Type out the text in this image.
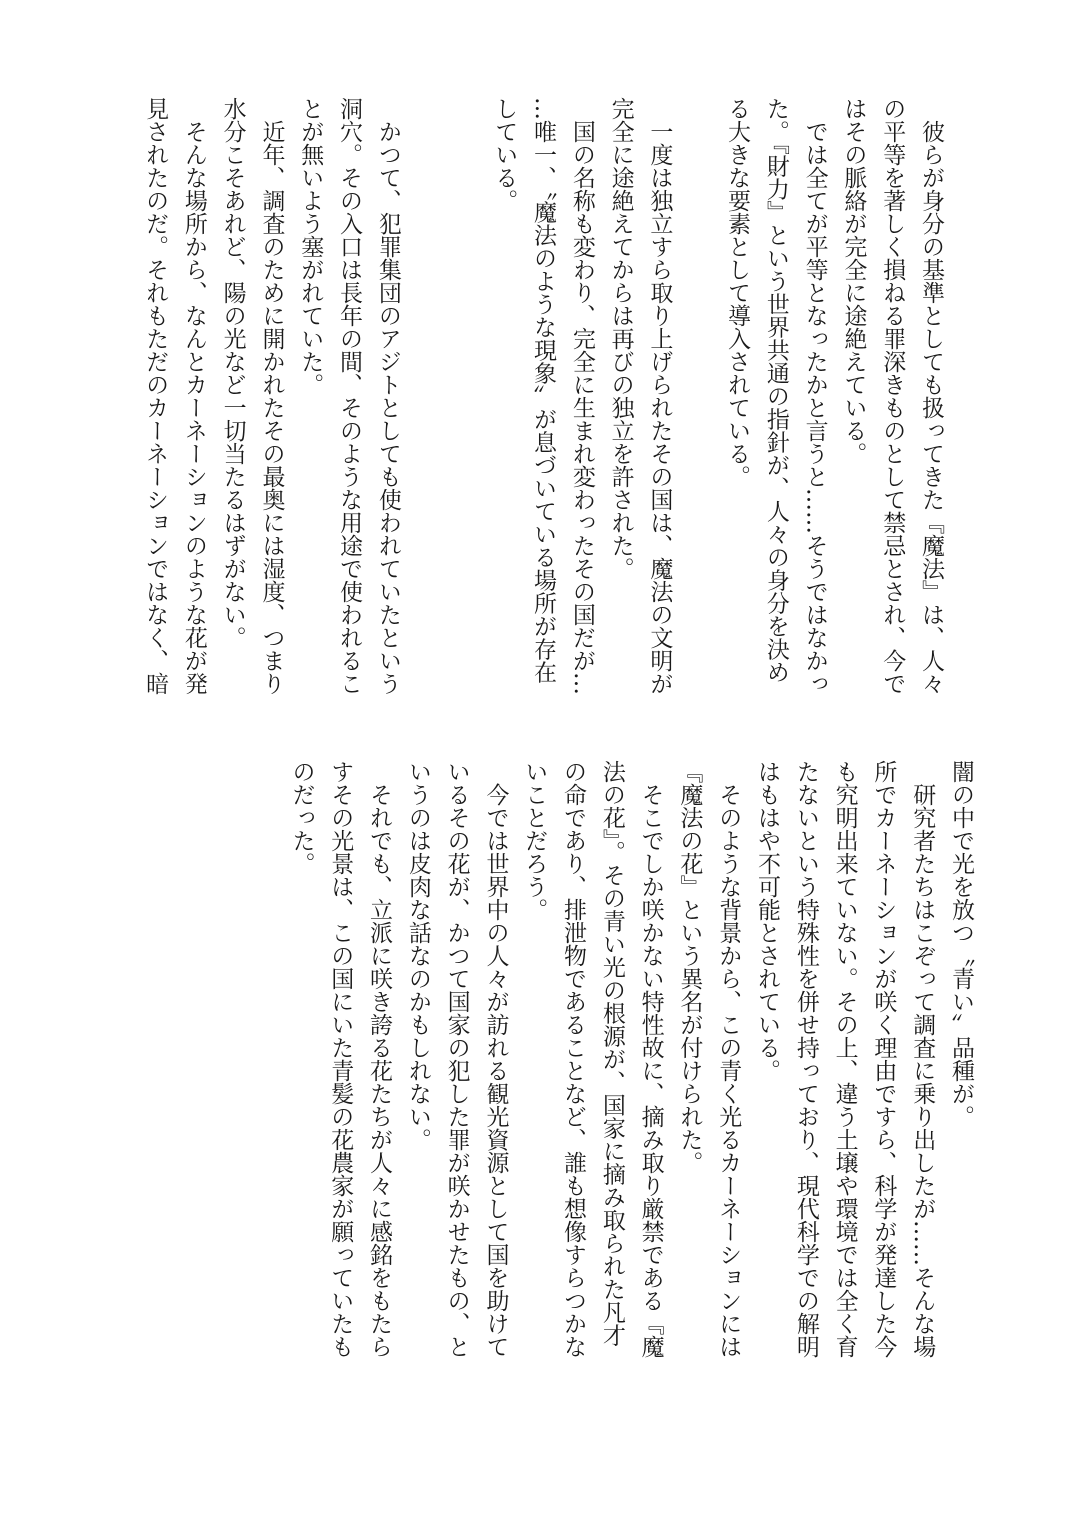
　彼らが身分の基準としても扱ってきた『魔法』は、人々
の平等を著しく損ねる罪深きものとして禁忌とされ、今で
はその脈絡が完全に途絶えている。
　では全てが平等となったかと言うと……そうではなかっ
た。『財力』という世界共通の指針が、人々の身分を決め
る大きな要素として導入されている。
　一度は独立すら取り上げられたその国は、魔法の文明が
完全に途絶えてからは再びの独立を許された。
　国の名称も変わり、完全に生まれ変わったその国だが…
…唯一、〝魔法のような現象〟が息づいている場所が存在
している。
　かつて、犯罪集団のアジトとしても使われていたという
洞穴。その入口は長年の間、そのような用途で使われるこ
とが無いよう塞がれていた。
　近年、調査のために開かれたその最奥には湿度、つまり
水分こそあれど、陽の光など一切当たるはずがない。
　そんな場所から、なんとカーネーションのような花が発
見されたのだ。それもただのカーネーションではなく、暗
闇の中で光を放つ〝青い〟品種が。
　研究者たちはこぞって調査に乗り出したが……そんな場
所でカーネーションが咲く理由ですら、科学が発達した今
も究明出来ていない。その上、違う土壌や環境では全く育
たないという特殊性を併せ持っており、現代科学での解明
はもはや不可能とされている。
　そのような背景から、この青く光るカーネーションには
『魔法の花』という異名が付けられた。
　そこでしか咲かない特性故に、摘み取り厳禁である『魔
法の花』。その青い光の根源が、国家に摘み取られた凡才
の命であり、排泄物であることなど、誰も想像すらつかな
いことだろう。
　今では世界中の人々が訪れる観光資源として国を助けて
いるその花が、かつて国家の犯した罪が咲かせたもの、と
いうのは皮肉な話なのかもしれない。
　それでも、立派に咲き誇る花たちが人々に感銘をもたら
すその光景は、この国にいた青髪の花農家が願っていたも
のだった。
